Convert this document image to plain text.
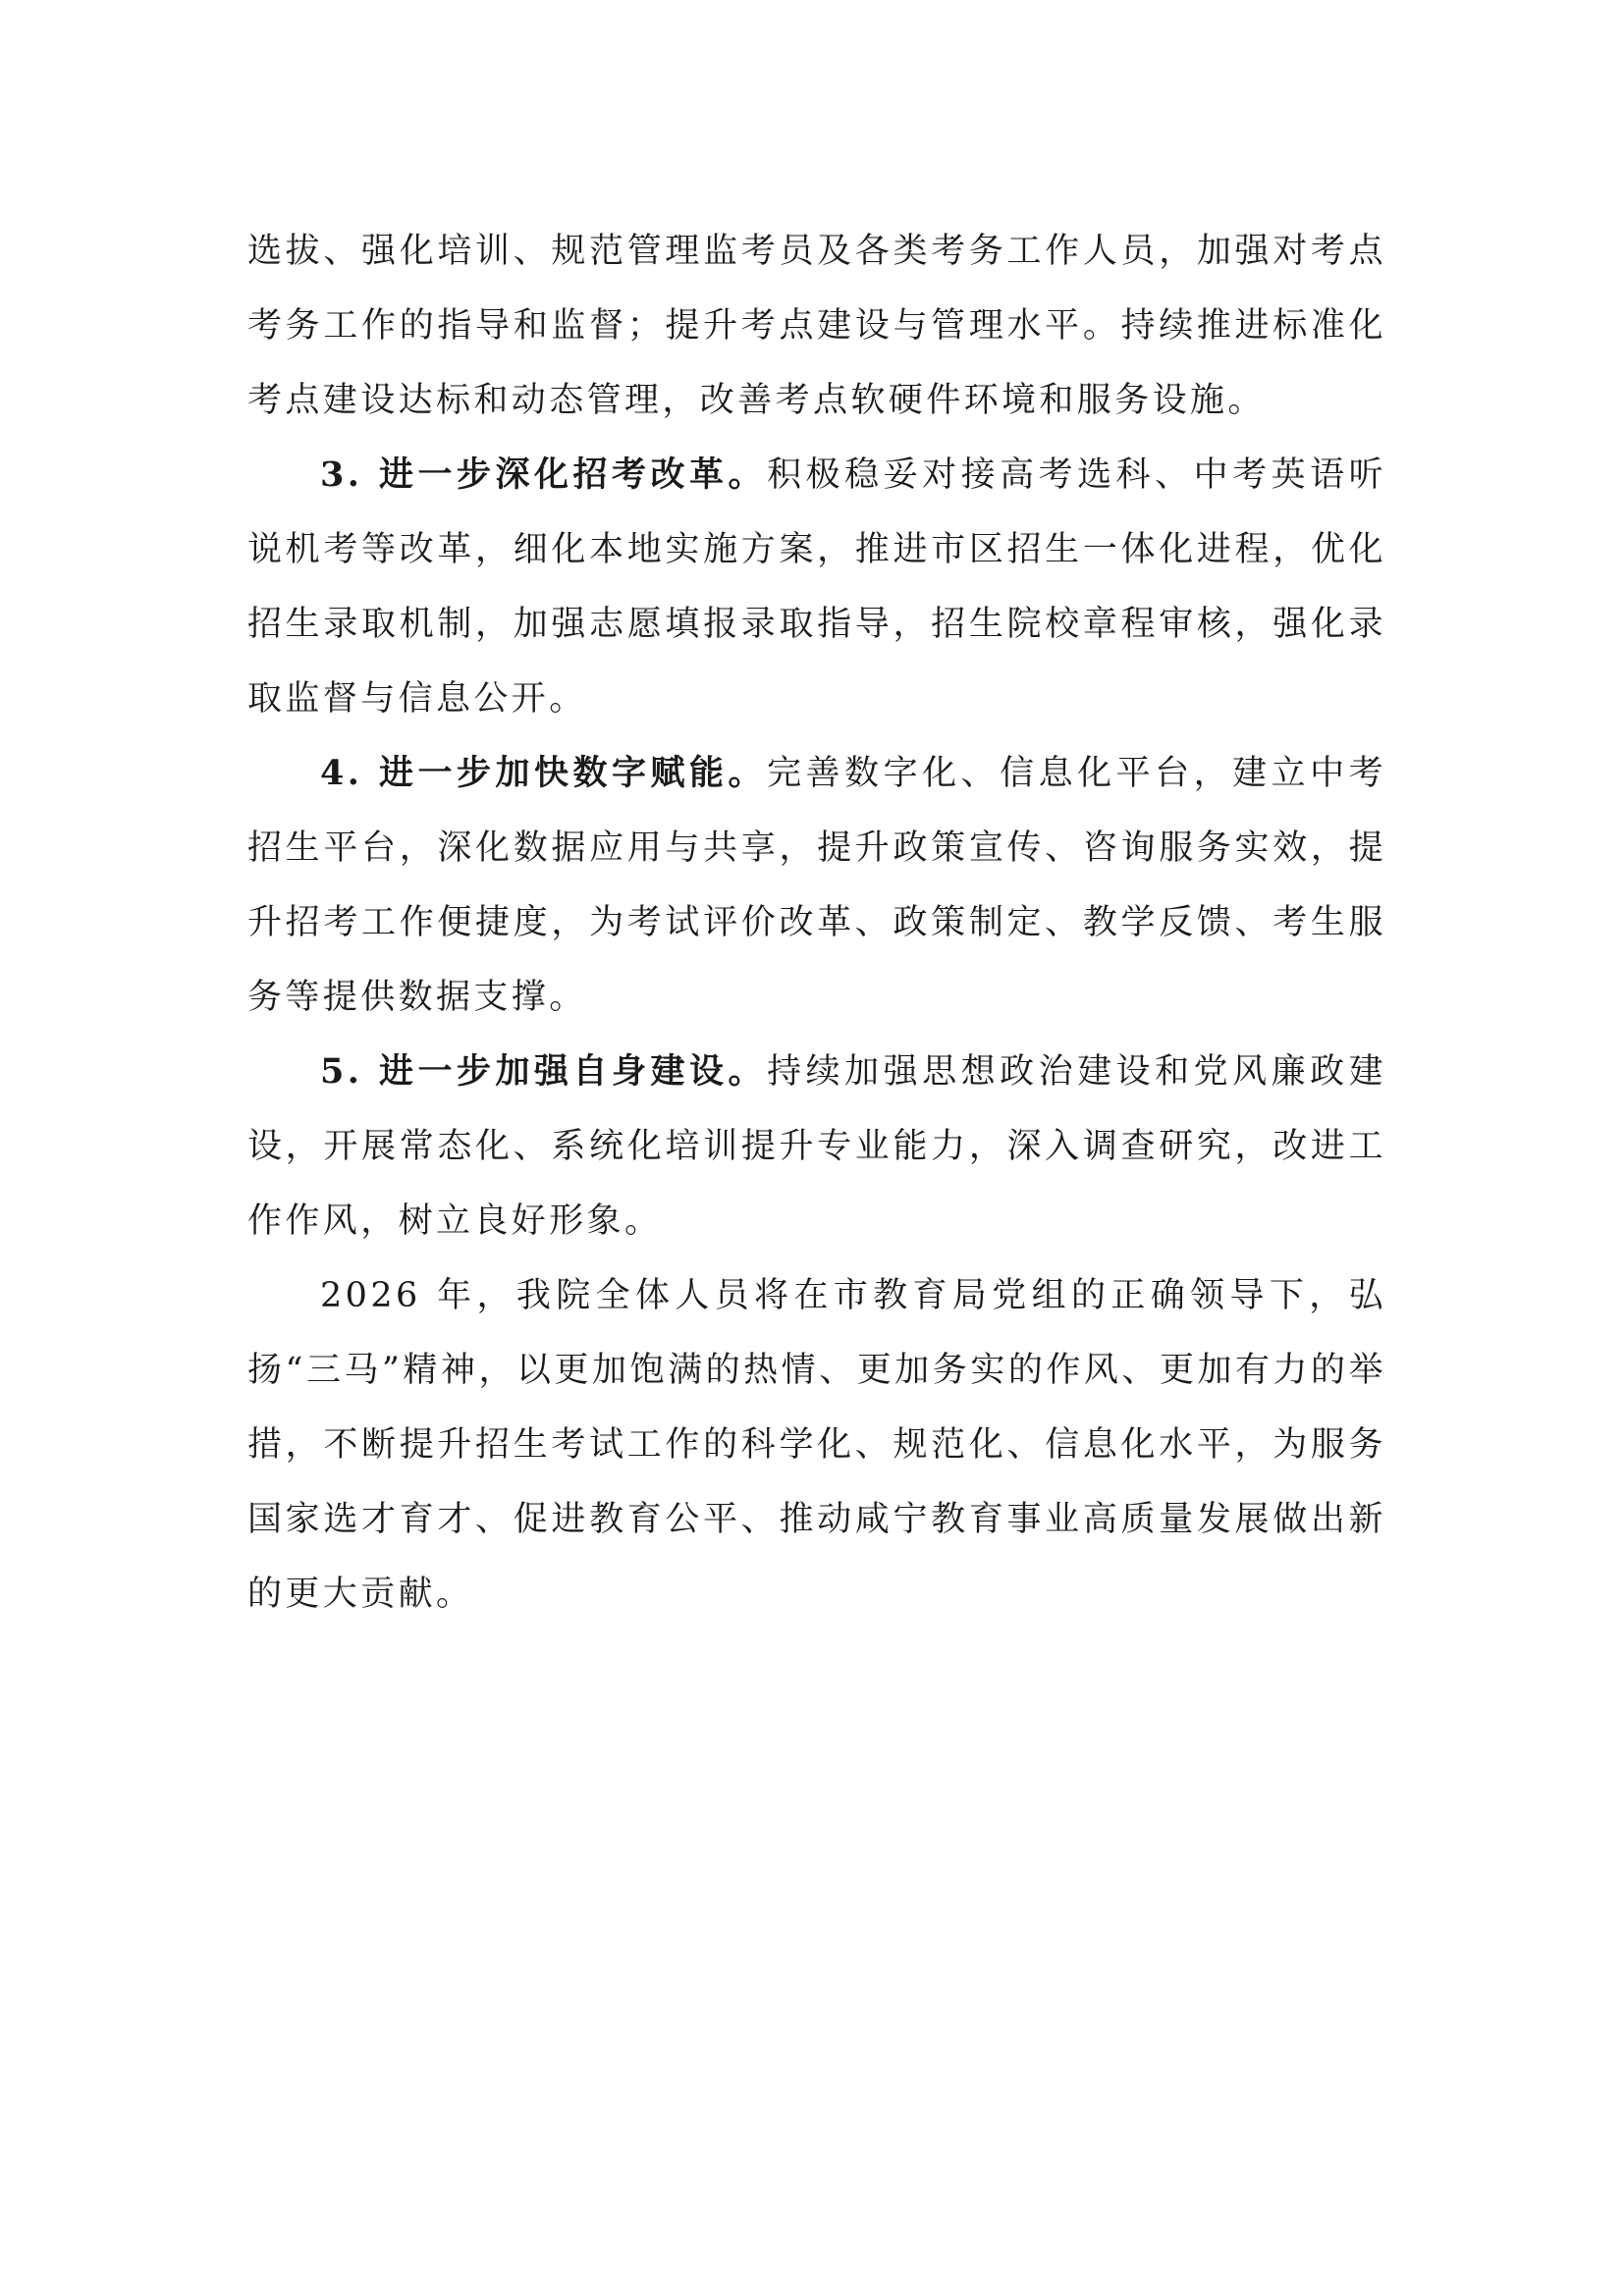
选拔、强化培训、规范管理监考员及各类考务工作人员，加强对考点考务工作的指导和监督；提升考点建设与管理水平。持续推进标准化考点建设达标和动态管理，改善考点软硬件环境和服务设施。

3. 进一步深化招考改革。积极稳妥对接高考选科、中考英语听说机考等改革，细化本地实施方案，推进市区招生一体化进程，优化招生录取机制，加强志愿填报录取指导，招生院校章程审核，强化录取监督与信息公开。

4. 进一步加快数字赋能。完善数字化、信息化平台，建立中考招生平台，深化数据应用与共享，提升政策宣传、咨询服务实效，提升招考工作便捷度，为考试评价改革、政策制定、教学反馈、考生服务等提供数据支撑。

5. 进一步加强自身建设。持续加强思想政治建设和党风廉政建设，开展常态化、系统化培训提升专业能力，深入调查研究，改进工作作风，树立良好形象。

2026 年，我院全体人员将在市教育局党组的正确领导下，弘扬“三马”精神，以更加饱满的热情、更加务实的作风、更加有力的举措，不断提升招生考试工作的科学化、规范化、信息化水平，为服务国家选才育才、促进教育公平、推动咸宁教育事业高质量发展做出新的更大贡献。
